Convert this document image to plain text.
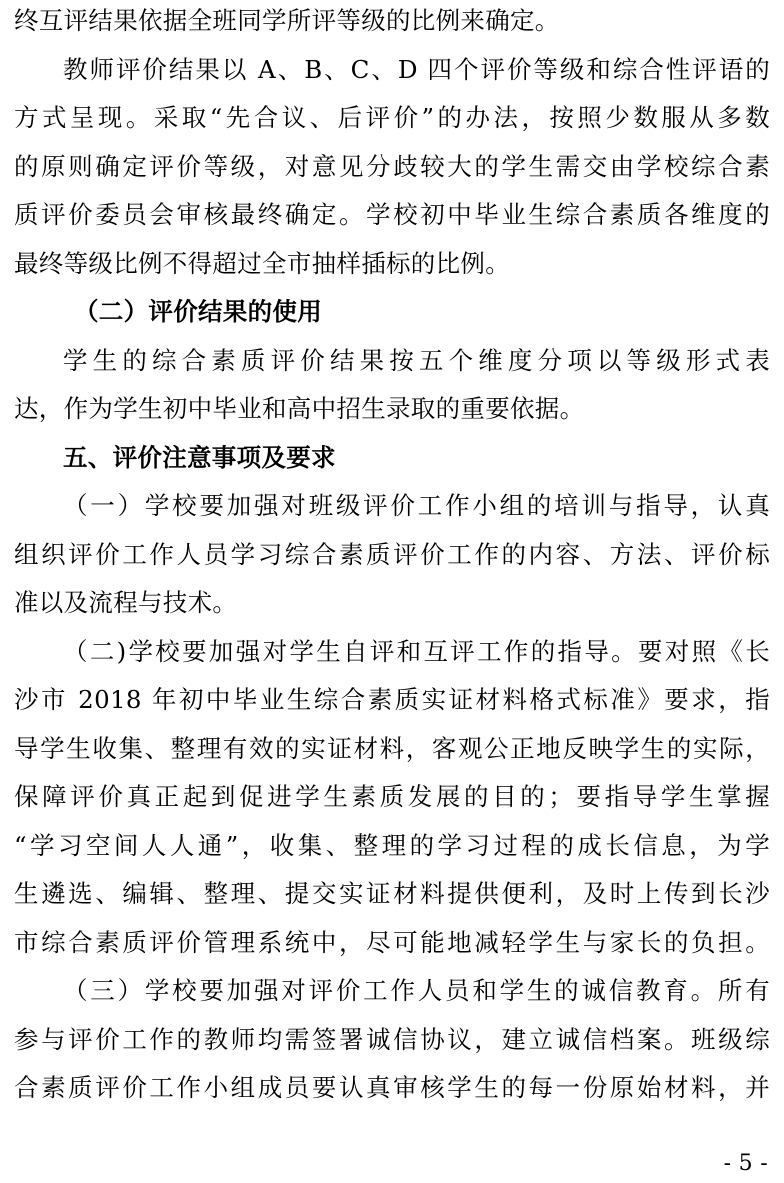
终互评结果依据全班同学所评等级的比例来确定。
教师评价结果以 A、B、C、D 四个评价等级和综合性评语的
方式呈现。采取“先合议、后评价”的办法，按照少数服从多数
的原则确定评价等级，对意见分歧较大的学生需交由学校综合素
质评价委员会审核最终确定。学校初中毕业生综合素质各维度的
最终等级比例不得超过全市抽样插标的比例。
（二）评价结果的使用
学生的综合素质评价结果按五个维度分项以等级形式表
达，作为学生初中毕业和高中招生录取的重要依据。
五、评价注意事项及要求
（一）学校要加强对班级评价工作小组的培训与指导，认真
组织评价工作人员学习综合素质评价工作的内容、方法、评价标
准以及流程与技术。
（二)学校要加强对学生自评和互评工作的指导。要对照《长
沙市 2018 年初中毕业生综合素质实证材料格式标准》要求，指
导学生收集、整理有效的实证材料，客观公正地反映学生的实际，
保障评价真正起到促进学生素质发展的目的；要指导学生掌握
“学习空间人人通”，收集、整理的学习过程的成长信息，为学
生遴选、编辑、整理、提交实证材料提供便利，及时上传到长沙
市综合素质评价管理系统中，尽可能地减轻学生与家长的负担。
（三）学校要加强对评价工作人员和学生的诚信教育。所有
参与评价工作的教师均需签署诚信协议，建立诚信档案。班级综
合素质评价工作小组成员要认真审核学生的每一份原始材料，并
- 5 -
